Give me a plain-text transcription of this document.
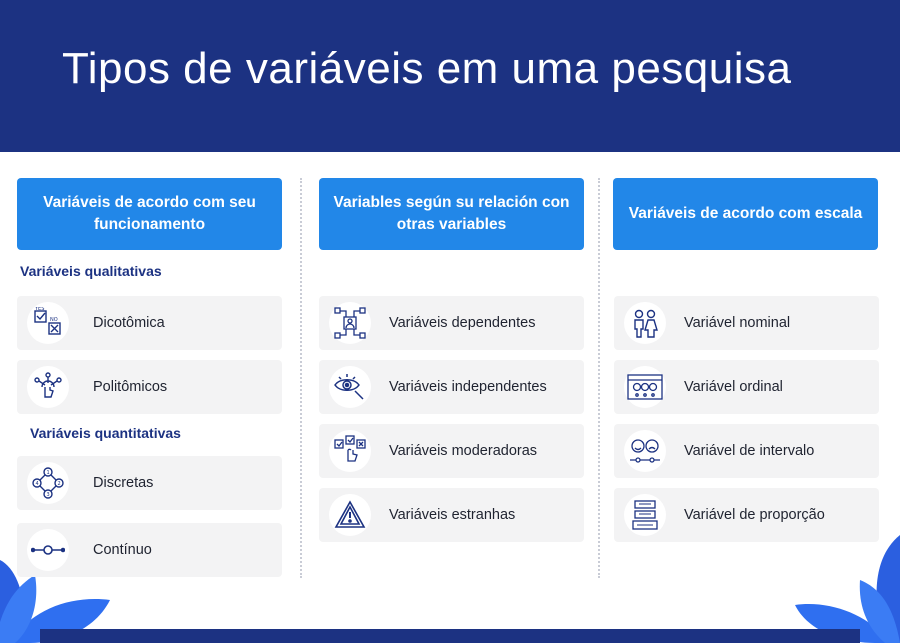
Tipos de variáveis em uma pesquisa
Variáveis de acordo com seu funcionamento
Variáveis qualitativas
YES
NO Dicotômica
Politômicos
Variáveis quantitativas
1
4	2
3
Discretas
Contínuo
Variables según su relación con otras variables
Variáveis dependentes
Variáveis independentes
Variáveis moderadoras
Variáveis estranhas
Variáveis de acordo com escala
Variável nominal
Variável ordinal
Variável de intervalo
Variável de proporção
